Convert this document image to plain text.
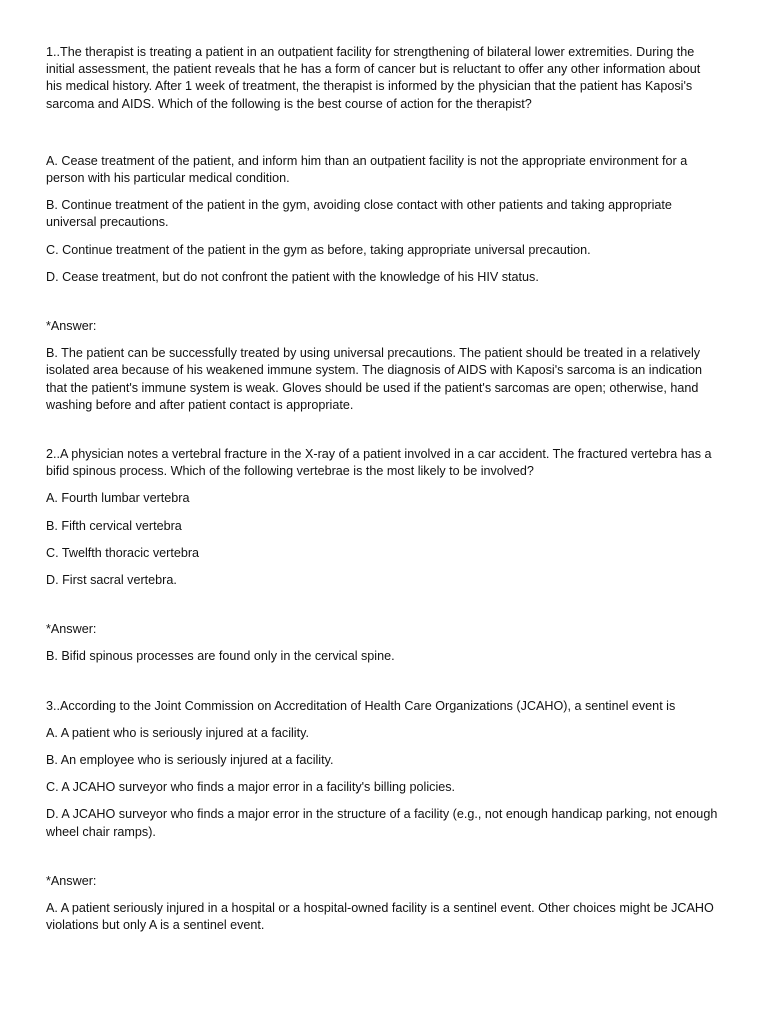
1..The therapist is treating a patient in an outpatient facility for strengthening of bilateral lower extremities. During the initial assessment, the patient reveals that he has a form of cancer but is reluctant to offer any other information about his medical history. After 1 week of treatment, the therapist is informed by the physician that the patient has Kaposi's sarcoma and AIDS. Which of the following is the best course of action for the therapist?

A. Cease treatment of the patient, and inform him than an outpatient facility is not the appropriate environment for a person with his particular medical condition.

B. Continue treatment of the patient in the gym, avoiding close contact with other patients and taking appropriate universal precautions.

C. Continue treatment of the patient in the gym as before, taking appropriate universal precaution.

D. Cease treatment, but do not confront the patient with the knowledge of his HIV status.

*Answer:

B. The patient can be successfully treated by using universal precautions. The patient should be treated in a relatively isolated area because of his weakened immune system. The diagnosis of AIDS with Kaposi's sarcoma is an indication that the patient's immune system is weak. Gloves should be used if the patient's sarcomas are open; otherwise, hand washing before and after patient contact is appropriate.

2..A physician notes a vertebral fracture in the X-ray of a patient involved in a car accident. The fractured vertebra has a bifid spinous process. Which of the following vertebrae is the most likely to be involved?

A. Fourth lumbar vertebra

B. Fifth cervical vertebra

C. Twelfth thoracic vertebra

D. First sacral vertebra.

*Answer:

B. Bifid spinous processes are found only in the cervical spine.

3..According to the Joint Commission on Accreditation of Health Care Organizations (JCAHO), a sentinel event is

A. A patient who is seriously injured at a facility.

B. An employee who is seriously injured at a facility.

C. A JCAHO surveyor who finds a major error in a facility's billing policies.

D. A JCAHO surveyor who finds a major error in the structure of a facility (e.g., not enough handicap parking, not enough wheel chair ramps).

*Answer:

A. A patient seriously injured in a hospital or a hospital-owned facility is a sentinel event. Other choices might be JCAHO violations but only A is a sentinel event.
